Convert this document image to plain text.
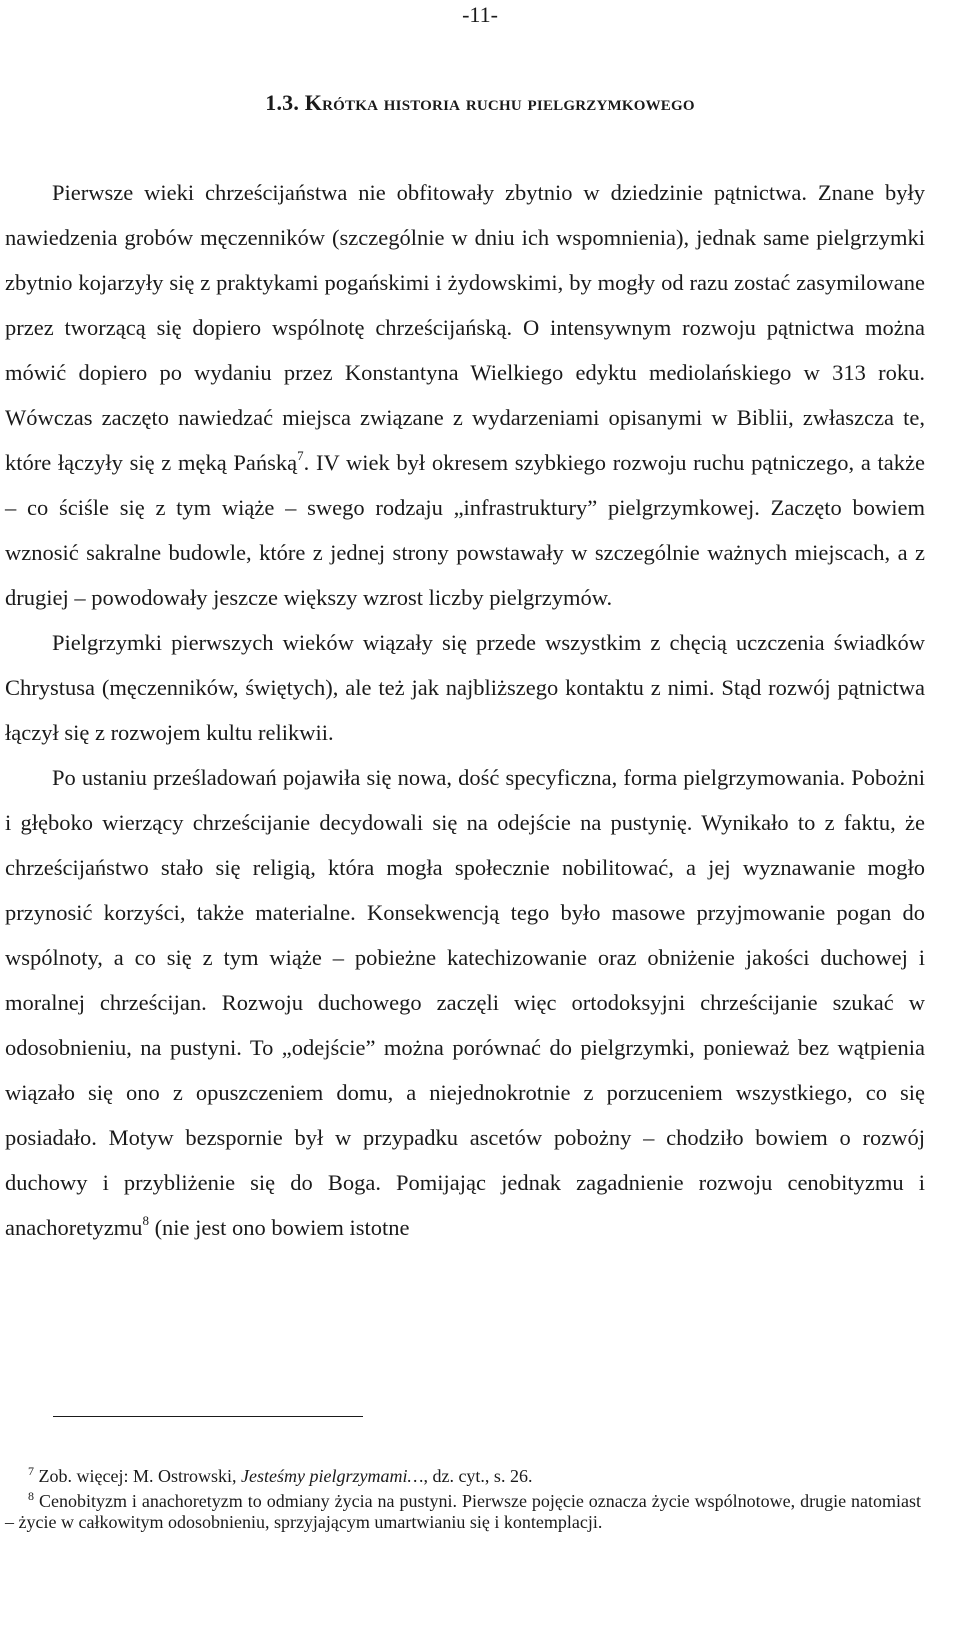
-11-
1.3. Krótka historia ruchu pielgrzymkowego

Pierwsze wieki chrześcijaństwa nie obfitowały zbytnio w dziedzinie pątnictwa. Znane były nawiedzenia grobów męczenników (szczególnie w dniu ich wspomnienia), jednak same pielgrzymki zbytnio kojarzyły się z praktykami pogańskimi i żydowskimi, by mogły od razu zostać zasymilowane przez tworzącą się dopiero wspólnotę chrześcijańską. O intensywnym rozwoju pątnictwa można mówić dopiero po wydaniu przez Konstantyna Wielkiego edyktu mediolańskiego w 313 roku. Wówczas zaczęto nawiedzać miejsca związane z wydarzeniami opisanymi w Biblii, zwłaszcza te, które łączyły się z męką Pańską$^7$. IV wiek był okresem szybkiego rozwoju ruchu pątniczego, a także – co ściśle się z tym wiąże – swego rodzaju „infrastruktury” pielgrzymkowej. Zaczęto bowiem wznosić sakralne budowle, które z jednej strony powstawały w szczególnie ważnych miejscach, a z drugiej – powodowały jeszcze większy wzrost liczby pielgrzymów.

Pielgrzymki pierwszych wieków wiązały się przede wszystkim z chęcią uczczenia świadków Chrystusa (męczenników, świętych), ale też jak najbliższego kontaktu z nimi. Stąd rozwój pątnictwa łączył się z rozwojem kultu relikwii.

Po ustaniu prześladowań pojawiła się nowa, dość specyficzna, forma pielgrzymowania. Pobożni i głęboko wierzący chrześcijanie decydowali się na odejście na pustynię. Wynikało to z faktu, że chrześcijaństwo stało się religią, która mogła społecznie nobilitować, a jej wyznawanie mogło przynosić korzyści, także materialne. Konsekwencją tego było masowe przyjmowanie pogan do wspólnoty, a co się z tym wiąże – pobieżne katechizowanie oraz obniżenie jakości duchowej i moralnej chrześcijan. Rozwoju duchowego zaczęli więc ortodoksyjni chrześcijanie szukać w odosobnieniu, na pustyni. To „odejście” można porównać do pielgrzymki, ponieważ bez wątpienia wiązało się ono z opuszczeniem domu, a niejednokrotnie z porzuceniem wszystkiego, co się posiadało. Motyw bezspornie był w przypadku ascetów pobożny – chodziło bowiem o rozwój duchowy i przybliżenie się do Boga. Pomijając jednak zagadnienie rozwoju cenobityzmu i anachoretyzmu$^8$ (nie jest ono bowiem istotne

$^7$ Zob. więcej: M. Ostrowski, Jesteśmy pielgrzymami…, dz. cyt., s. 26.

$^8$ Cenobityzm i anachoretyzm to odmiany życia na pustyni. Pierwsze pojęcie oznacza życie wspólnotowe, drugie natomiast – życie w całkowitym odosobnieniu, sprzyjającym umartwianiu się i kontemplacji.
